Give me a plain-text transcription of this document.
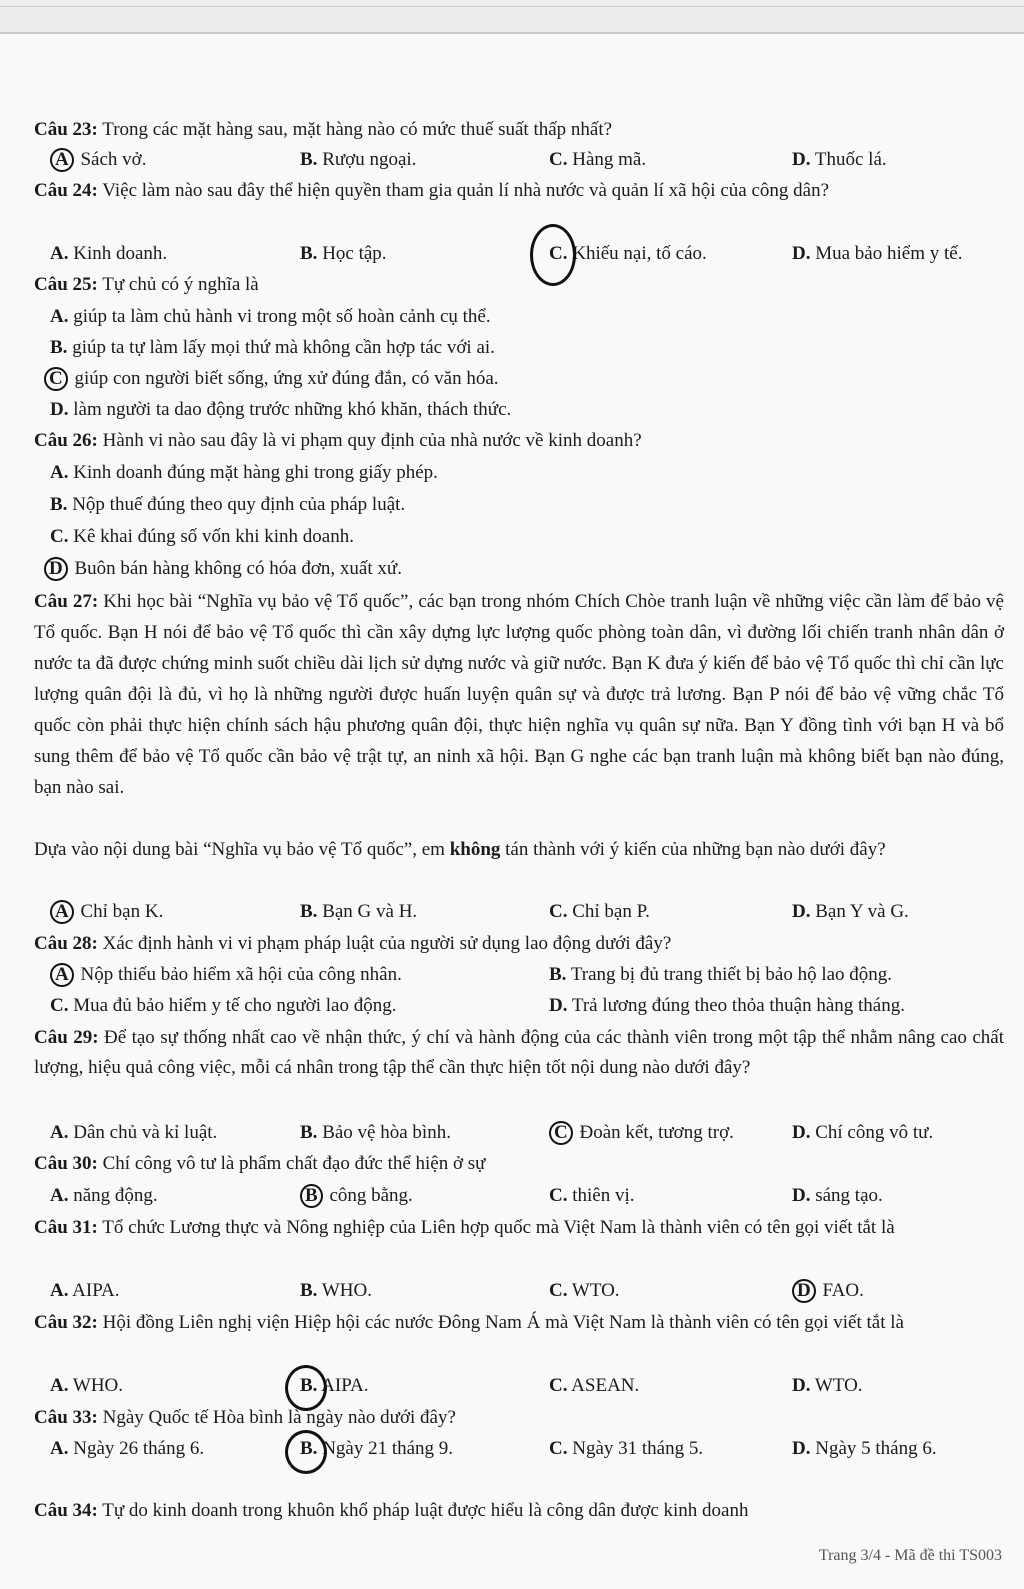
Câu 23: Trong các mặt hàng sau, mặt hàng nào có mức thuế suất thấp nhất?
A Sách vở.	B. Rượu ngoại.	C. Hàng mã.	D. Thuốc lá.
Câu 24: Việc làm nào sau đây thể hiện quyền tham gia quản lí nhà nước và quản lí xã hội của công dân?
A. Kinh doanh.	B. Học tập.	C. Khiếu nại, tố cáo.	D. Mua bảo hiểm y tế.
Câu 25: Tự chủ có ý nghĩa là
A. giúp ta làm chủ hành vi trong một số hoàn cảnh cụ thể.
B. giúp ta tự làm lấy mọi thứ mà không cần hợp tác với ai.
C giúp con người biết sống, ứng xử đúng đắn, có văn hóa.
D. làm người ta dao động trước những khó khăn, thách thức.
Câu 26: Hành vi nào sau đây là vi phạm quy định của nhà nước về kinh doanh?
A. Kinh doanh đúng mặt hàng ghi trong giấy phép.
B. Nộp thuế đúng theo quy định của pháp luật.
C. Kê khai đúng số vốn khi kinh doanh.
D Buôn bán hàng không có hóa đơn, xuất xứ.
Câu 27: Khi học bài “Nghĩa vụ bảo vệ Tổ quốc”, các bạn trong nhóm Chích Chòe tranh luận về những việc cần làm để bảo vệ Tổ quốc. Bạn H nói để bảo vệ Tổ quốc thì cần xây dựng lực lượng quốc phòng toàn dân, vì đường lối chiến tranh nhân dân ở nước ta đã được chứng minh suốt chiều dài lịch sử dựng nước và giữ nước. Bạn K đưa ý kiến để bảo vệ Tổ quốc thì chỉ cần lực lượng quân đội là đủ, vì họ là những người được huấn luyện quân sự và được trả lương. Bạn P nói để bảo vệ vững chắc Tổ quốc còn phải thực hiện chính sách hậu phương quân đội, thực hiện nghĩa vụ quân sự nữa. Bạn Y đồng tình với bạn H và bổ sung thêm để bảo vệ Tổ quốc cần bảo vệ trật tự, an ninh xã hội. Bạn G nghe các bạn tranh luận mà không biết bạn nào đúng, bạn nào sai.
Dựa vào nội dung bài “Nghĩa vụ bảo vệ Tổ quốc”, em không tán thành với ý kiến của những bạn nào dưới đây?
A Chỉ bạn K.	B. Bạn G và H.	C. Chỉ bạn P.	D. Bạn Y và G.
Câu 28: Xác định hành vi vi phạm pháp luật của người sử dụng lao động dưới đây?
A Nộp thiếu bảo hiểm xã hội của công nhân.	B. Trang bị đủ trang thiết bị bảo hộ lao động.
C. Mua đủ bảo hiểm y tế cho người lao động.	D. Trả lương đúng theo thỏa thuận hàng tháng.
Câu 29: Để tạo sự thống nhất cao về nhận thức, ý chí và hành động của các thành viên trong một tập thể nhằm nâng cao chất lượng, hiệu quả công việc, mỗi cá nhân trong tập thể cần thực hiện tốt nội dung nào dưới đây?
A. Dân chủ và kỉ luật.	B. Bảo vệ hòa bình.	C Đoàn kết, tương trợ.	D. Chí công vô tư.
Câu 30: Chí công vô tư là phẩm chất đạo đức thể hiện ở sự
A. năng động.	B công bằng.	C. thiên vị.	D. sáng tạo.
Câu 31: Tổ chức Lương thực và Nông nghiệp của Liên hợp quốc mà Việt Nam là thành viên có tên gọi viết tắt là
A. AIPA.	B. WHO.	C. WTO.	D FAO.
Câu 32: Hội đồng Liên nghị viện Hiệp hội các nước Đông Nam Á mà Việt Nam là thành viên có tên gọi viết tắt là
A. WHO.	B. AIPA.	C. ASEAN.	D. WTO.
Câu 33: Ngày Quốc tế Hòa bình là ngày nào dưới đây?
A. Ngày 26 tháng 6.	B. Ngày 21 tháng 9.	C. Ngày 31 tháng 5.	D. Ngày 5 tháng 6.
Câu 34: Tự do kinh doanh trong khuôn khổ pháp luật được hiểu là công dân được kinh doanh
Trang 3/4 - Mã đề thi TS003
